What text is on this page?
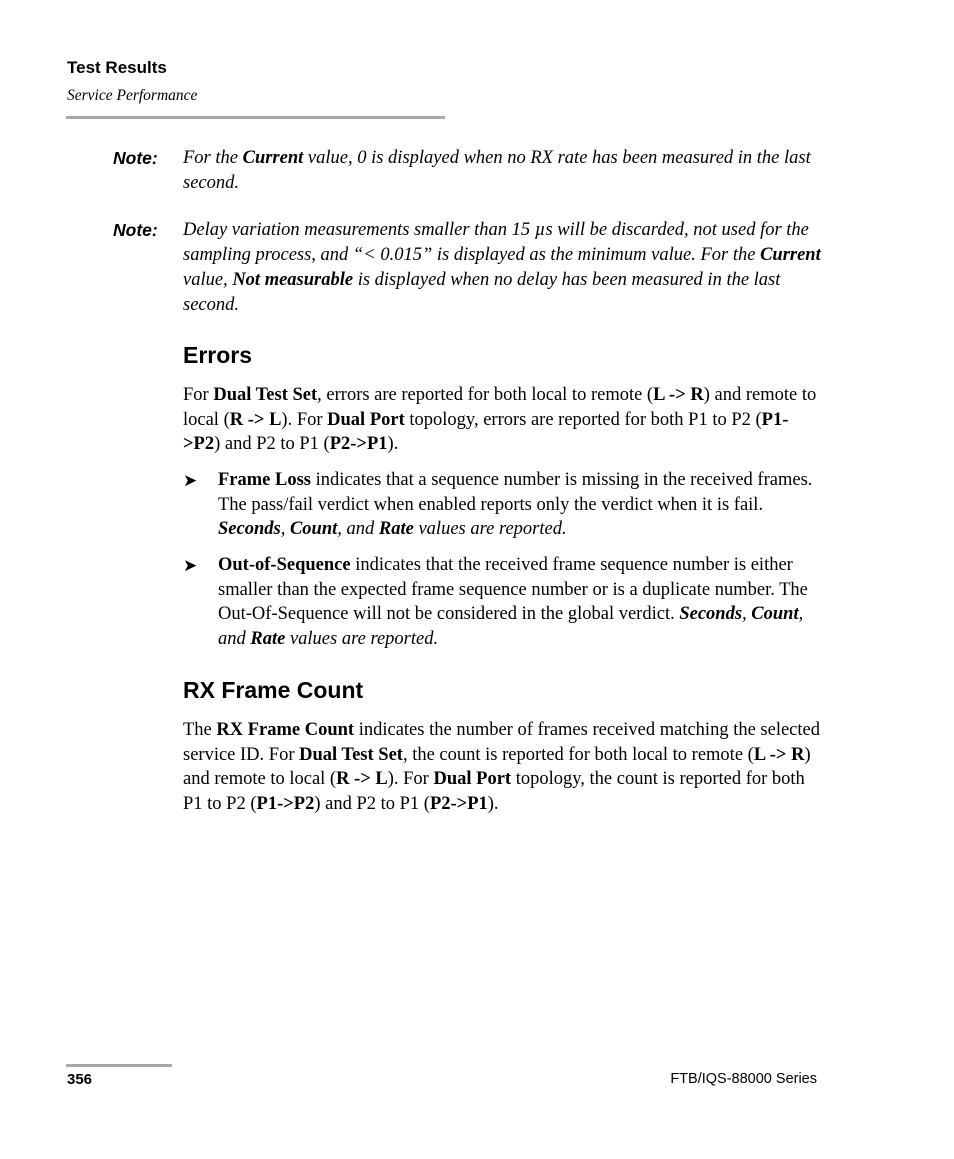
Test Results
Service Performance
Note: For the Current value, 0 is displayed when no RX rate has been measured in the last second.
Note: Delay variation measurements smaller than 15 µs will be discarded, not used for the sampling process, and “< 0.015” is displayed as the minimum value. For the Current value, Not measurable is displayed when no delay has been measured in the last second.
Errors
For Dual Test Set, errors are reported for both local to remote (L -> R) and remote to local (R -> L). For Dual Port topology, errors are reported for both P1 to P2 (P1->P2) and P2 to P1 (P2->P1).
➤ Frame Loss indicates that a sequence number is missing in the received frames. The pass/fail verdict when enabled reports only the verdict when it is fail. Seconds, Count, and Rate values are reported.
➤ Out-of-Sequence indicates that the received frame sequence number is either smaller than the expected frame sequence number or is a duplicate number. The Out-Of-Sequence will not be considered in the global verdict. Seconds, Count, and Rate values are reported.
RX Frame Count
The RX Frame Count indicates the number of frames received matching the selected service ID. For Dual Test Set, the count is reported for both local to remote (L -> R) and remote to local (R -> L). For Dual Port topology, the count is reported for both P1 to P2 (P1->P2) and P2 to P1 (P2->P1).
356	FTB/IQS-88000 Series
